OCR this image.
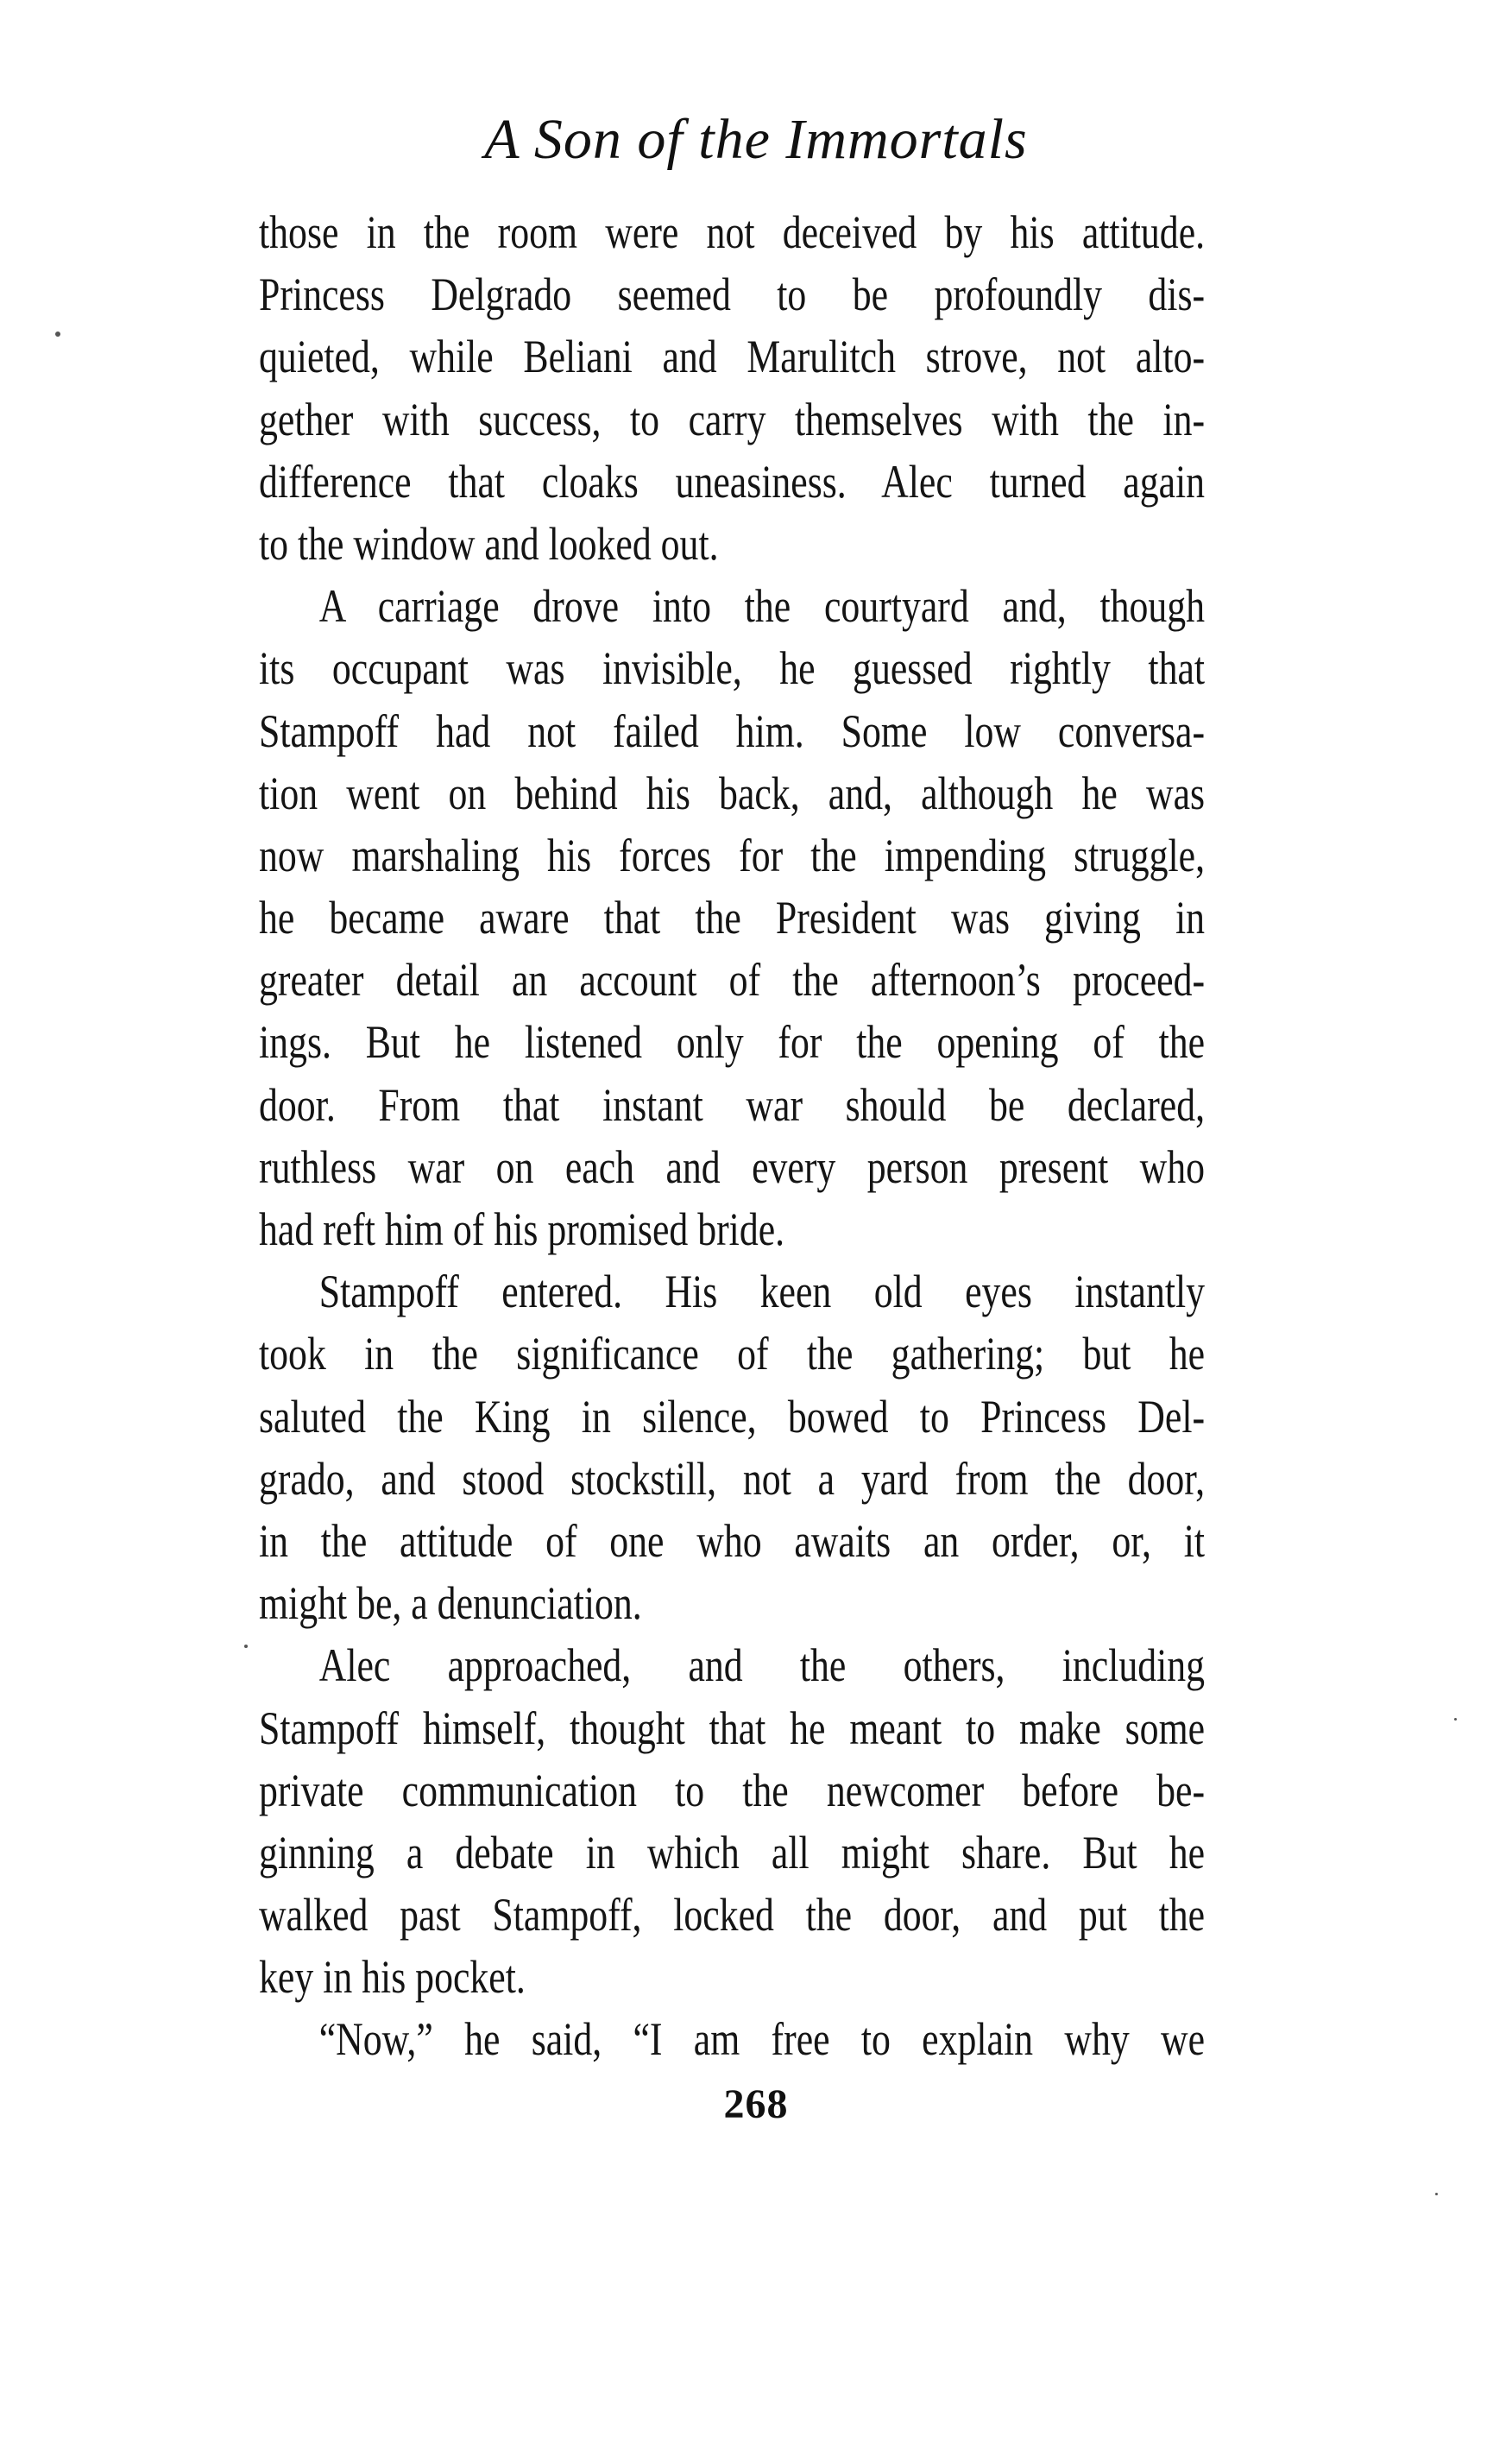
A Son of the Immortals
those in the room were not deceived by his attitude.
Princess Delgrado seemed to be profoundly dis-
quieted, while Beliani and Marulitch strove, not alto-
gether with success, to carry themselves with the in-
difference that cloaks uneasiness. Alec turned again
to the window and looked out.
A carriage drove into the courtyard and, though
its occupant was invisible, he guessed rightly that
Stampoff had not failed him. Some low conversa-
tion went on behind his back, and, although he was
now marshaling his forces for the impending struggle,
he became aware that the President was giving in
greater detail an account of the afternoon’s proceed-
ings. But he listened only for the opening of the
door. From that instant war should be declared,
ruthless war on each and every person present who
had reft him of his promised bride.
Stampoff entered. His keen old eyes instantly
took in the significance of the gathering; but he
saluted the King in silence, bowed to Princess Del-
grado, and stood stockstill, not a yard from the door,
in the attitude of one who awaits an order, or, it
might be, a denunciation.
Alec approached, and the others, including
Stampoff himself, thought that he meant to make some
private communication to the newcomer before be-
ginning a debate in which all might share. But he
walked past Stampoff, locked the door, and put the
key in his pocket.
“Now,” he said, “I am free to explain why we
268
